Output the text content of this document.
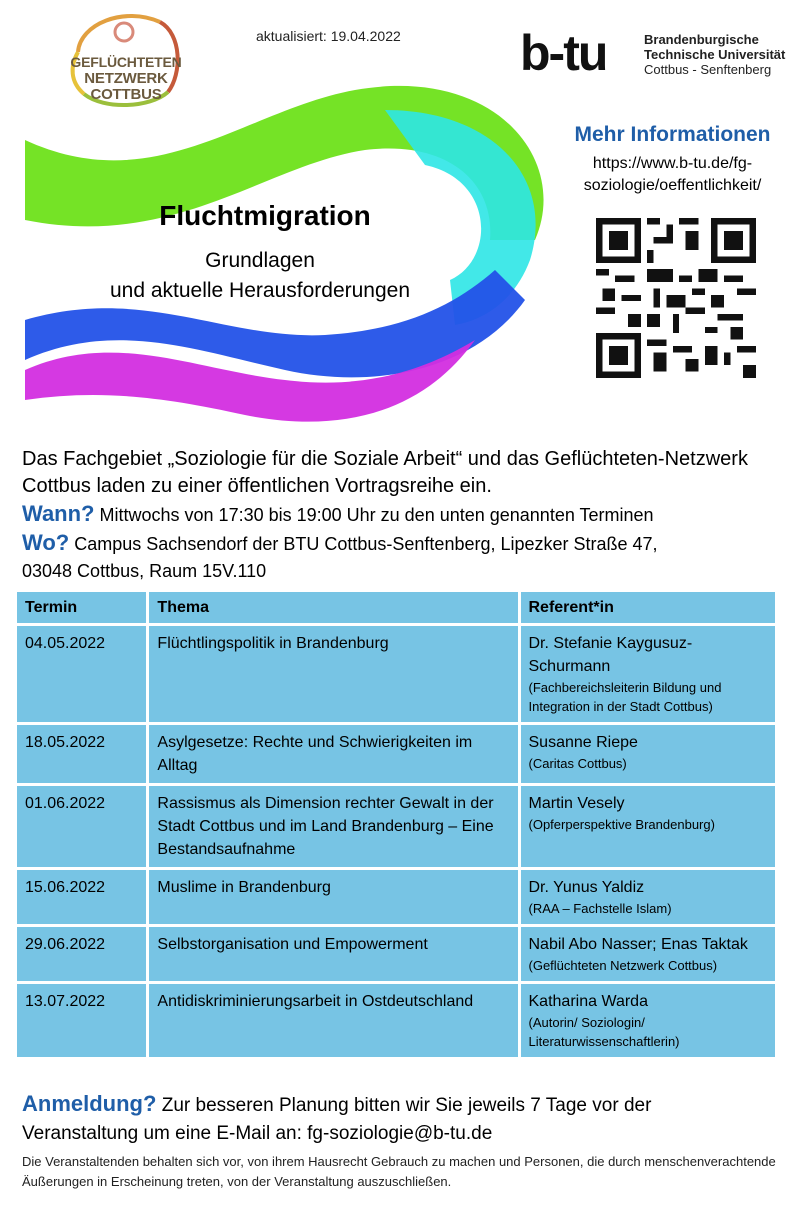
GEFLÜCHTETEN
NETZWERK
COTTBUS
aktualisiert: 19.04.2022 b-tu	Brandenburgische
Technische Universität
Cottbus - Senftenberg
Fluchtmigration
Grundlagen
und aktuelle Herausforderungen
Mehr Informationen
https://www.b-tu.de/fg-
soziologie/oeffentlichkeit/
Das Fachgebiet „Soziologie für die Soziale Arbeit“ und das Geflüchteten-Netzwerk Cottbus laden zu einer öffentlichen Vortragsreihe ein.
Wann? Mittwochs von 17:30 bis 19:00 Uhr zu den unten genannten Terminen
Wo? Campus Sachsendorf der BTU Cottbus-Senftenberg, Lipezker Straße 47,
03048 Cottbus, Raum 15V.110
Termin	Thema	Referent*in
04.05.2022	Flüchtlingspolitik in Brandenburg	Dr. Stefanie Kaygusuz-Schurmann
(Fachbereichsleiterin Bildung und Integration in der Stadt Cottbus)

18.05.2022	Asylgesetze: Rechte und Schwierigkeiten im Alltag	Susanne Riepe
(Caritas Cottbus)

01.06.2022	Rassismus als Dimension rechter Gewalt in der Stadt Cottbus und im Land Brandenburg – Eine Bestandsaufnahme	Martin Vesely
(Opferperspektive Brandenburg)

15.06.2022	Muslime in Brandenburg	Dr. Yunus Yaldiz
(RAA – Fachstelle Islam)

29.06.2022	Selbstorganisation und Empowerment	Nabil Abo Nasser; Enas Taktak
(Geflüchteten Netzwerk Cottbus)

13.07.2022	Antidiskriminierungsarbeit in Ostdeutschland	Katharina Warda
(Autorin/ Soziologin/ Literaturwissenschaftlerin)
Anmeldung? Zur besseren Planung bitten wir Sie jeweils 7 Tage vor der
Veranstaltung um eine E-Mail an: fg-soziologie@b-tu.de
Die Veranstaltenden behalten sich vor, von ihrem Hausrecht Gebrauch zu machen und Personen, die durch menschenverachtende Äußerungen in Erscheinung treten, von der Veranstaltung auszuschließen.
